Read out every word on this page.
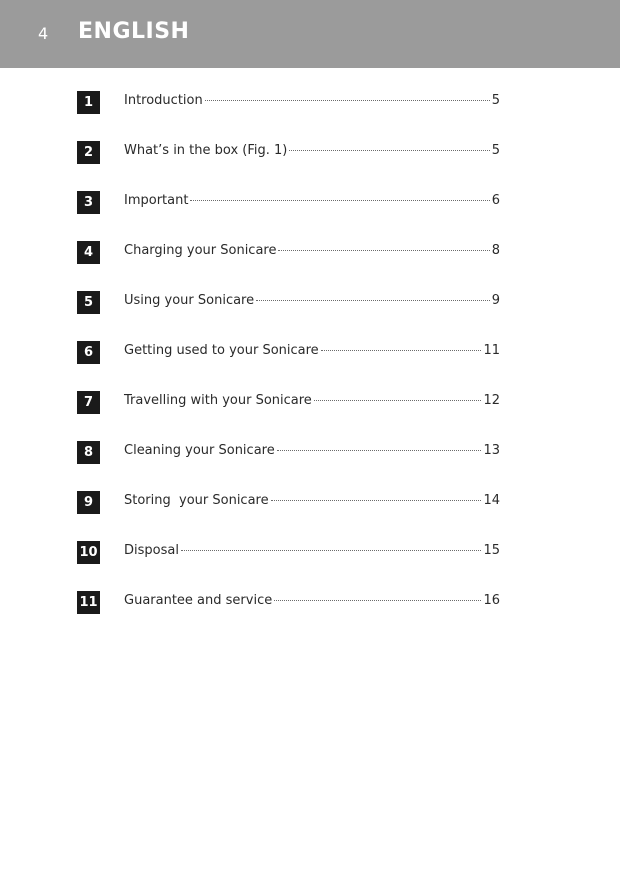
4 ENGLISH
1	Introduction	5
2	What’s in the box (Fig. 1)	5
3	Important	6
4	Charging your Sonicare	8
5	Using your Sonicare	9
6	Getting used to your Sonicare	11
7	Travelling with your Sonicare	12
8	Cleaning your Sonicare	13
9	Storing  your Sonicare	14
10 Disposal	15
11 Guarantee and service	16
